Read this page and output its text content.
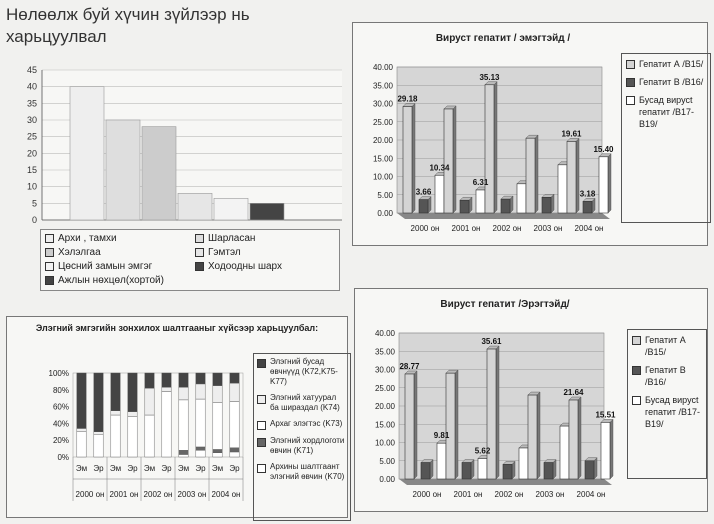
Нөлөөлж буй хүчин зүйлээр нь харьцуулвал
0
5
10
15
20
25
30
35
40
45
Архи , тамхи	Шарласан
Хэлэлгаа	Гэмтэл
Цөсний замын эмгэг	Ходоодны шарх
Ажлын нөхцөл(хортой)
Вируст гепатит / эмэгтэйд /
0.00
5.00
10.00
15.00
20.00
25.00
30.00
35.00
40.00
2000 он 2001 он 2002 он 2003 он 2004 он
29.18
3.66
10.34
6.31
35.13
19.61
3.18
15.40
Гепатит А /B15/
Гепатит В /B16/
Бусад вирусt гепатит /B17-B19/
Вируст гепатит /Эрэгтэйд/
0.00
5.00
10.00
15.00
20.00
25.00
30.00
35.00
40.00
2000 он 2001 он 2002 он 2003 он 2004 он
28.77
9.81
5.62
35.61
21.64
15.51
Гепатит А /B15/
Гепатит В /B16/
Бусад вирусt гепатит /B17-B19/
Элэгний эмгэгийн зонхилох шалтгааныг хүйсээр харьцуулбал:
0%
20%
40%
60%
80%
100%
Эм Эр Эм Эр Эм Эр Эм Эр Эм Эр
2000 он 2001 он 2002 он 2003 он 2004 он
Элэгний бусад өвчнүүд (K72,K75-K77)
Элэгний хатуурал ба шираздал (K74)
Архаг элэгтэс (K73)
Элэгний хордлоготи өвчин (K71)
Архины шалтгаант элэгний өвчин (K70)
